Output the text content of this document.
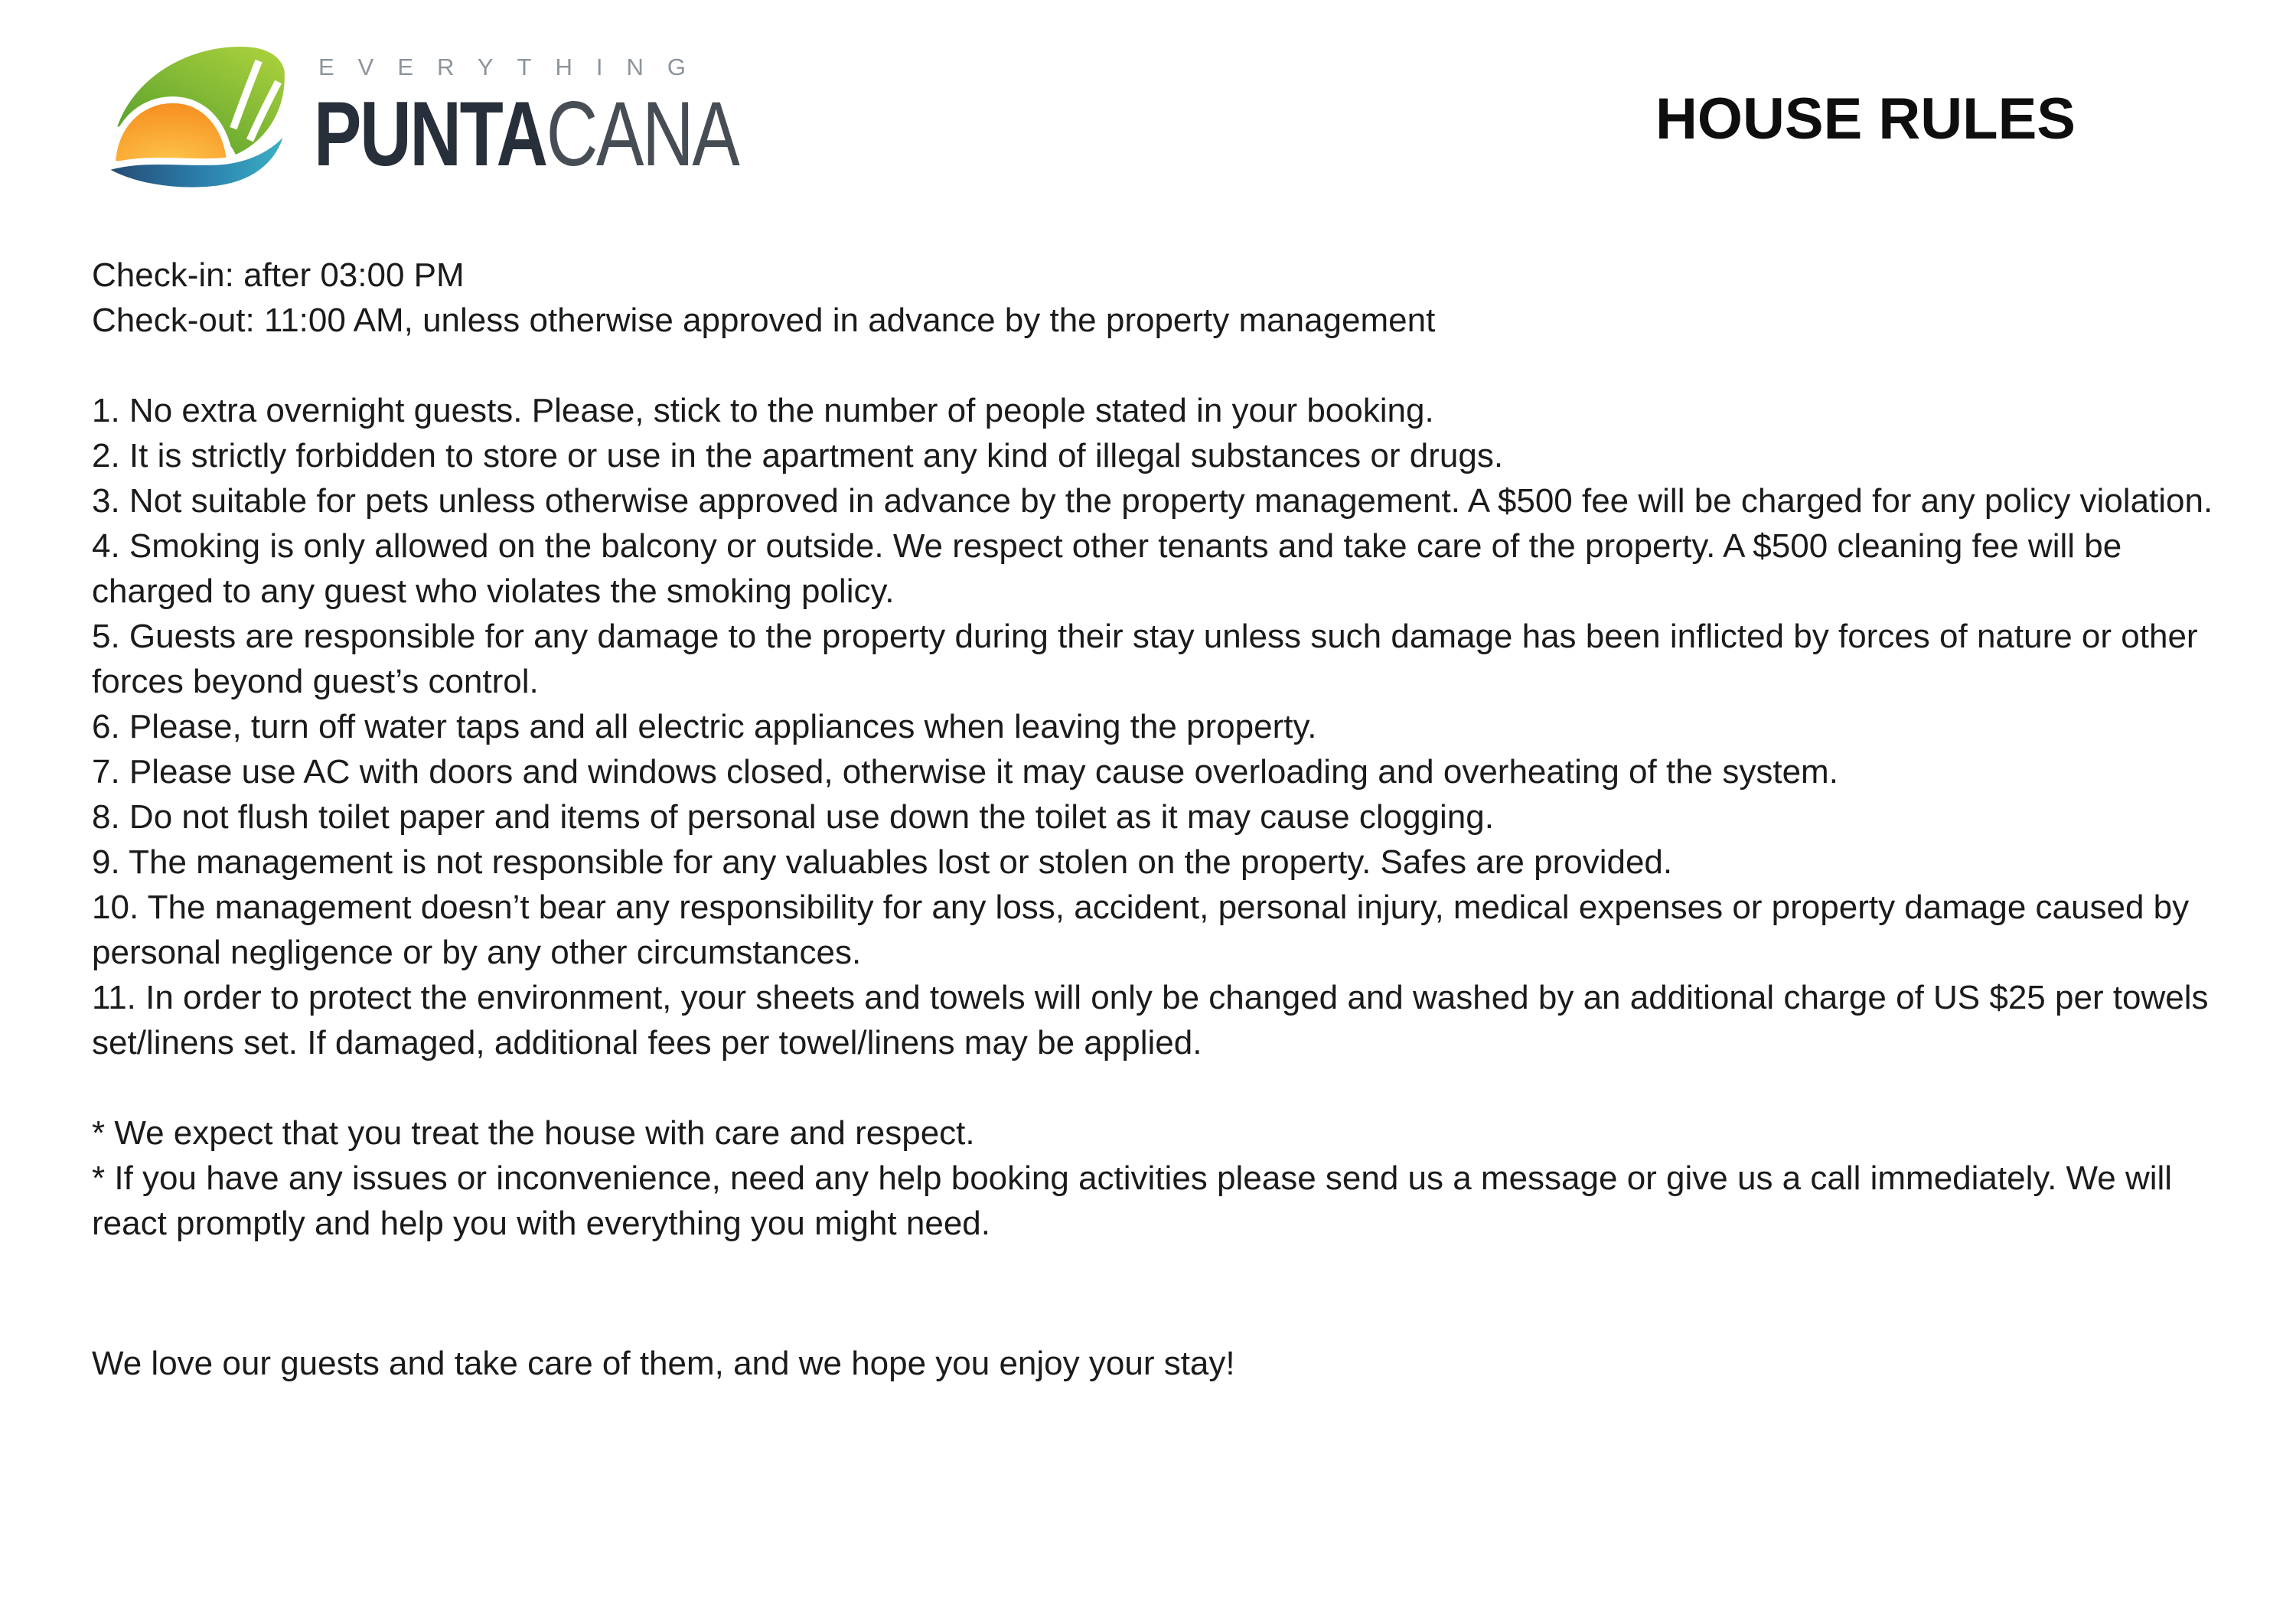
EVERYTHING
PUNTACANA	HOUSE RULES

Check-in: after 03:00 PM

Check-out: 11:00 AM, unless otherwise approved in advance by the property management

1. No extra overnight guests. Please, stick to the number of people stated in your booking.

2. It is strictly forbidden to store or use in the apartment any kind of illegal substances or drugs.

3. Not suitable for pets unless otherwise approved in advance by the property management. A $500 fee will be charged for any policy violation.

4. Smoking is only allowed on the balcony or outside. We respect other tenants and take care of the property. A $500 cleaning fee will be charged to any guest who violates the smoking policy.

5. Guests are responsible for any damage to the property during their stay unless such damage has been inflicted by forces of nature or other forces beyond guest’s control.

6. Please, turn off water taps and all electric appliances when leaving the property.

7. Please use AC with doors and windows closed, otherwise it may cause overloading and overheating of the system.

8. Do not flush toilet paper and items of personal use down the toilet as it may cause clogging.

9. The management is not responsible for any valuables lost or stolen on the property. Safes are provided.

10. The management doesn’t bear any responsibility for any loss, accident, personal injury, medical expenses or property damage caused by personal negligence or by any other circumstances.

11. In order to protect the environment, your sheets and towels will only be changed and washed by an additional charge of US $25 per towels set/linens set. If damaged, additional fees per towel/linens may be applied.

* We expect that you treat the house with care and respect.

* If you have any issues or inconvenience, need any help booking activities please send us a message or give us a call immediately. We will react promptly and help you with everything you might need.

We love our guests and take care of them, and we hope you enjoy your stay!
